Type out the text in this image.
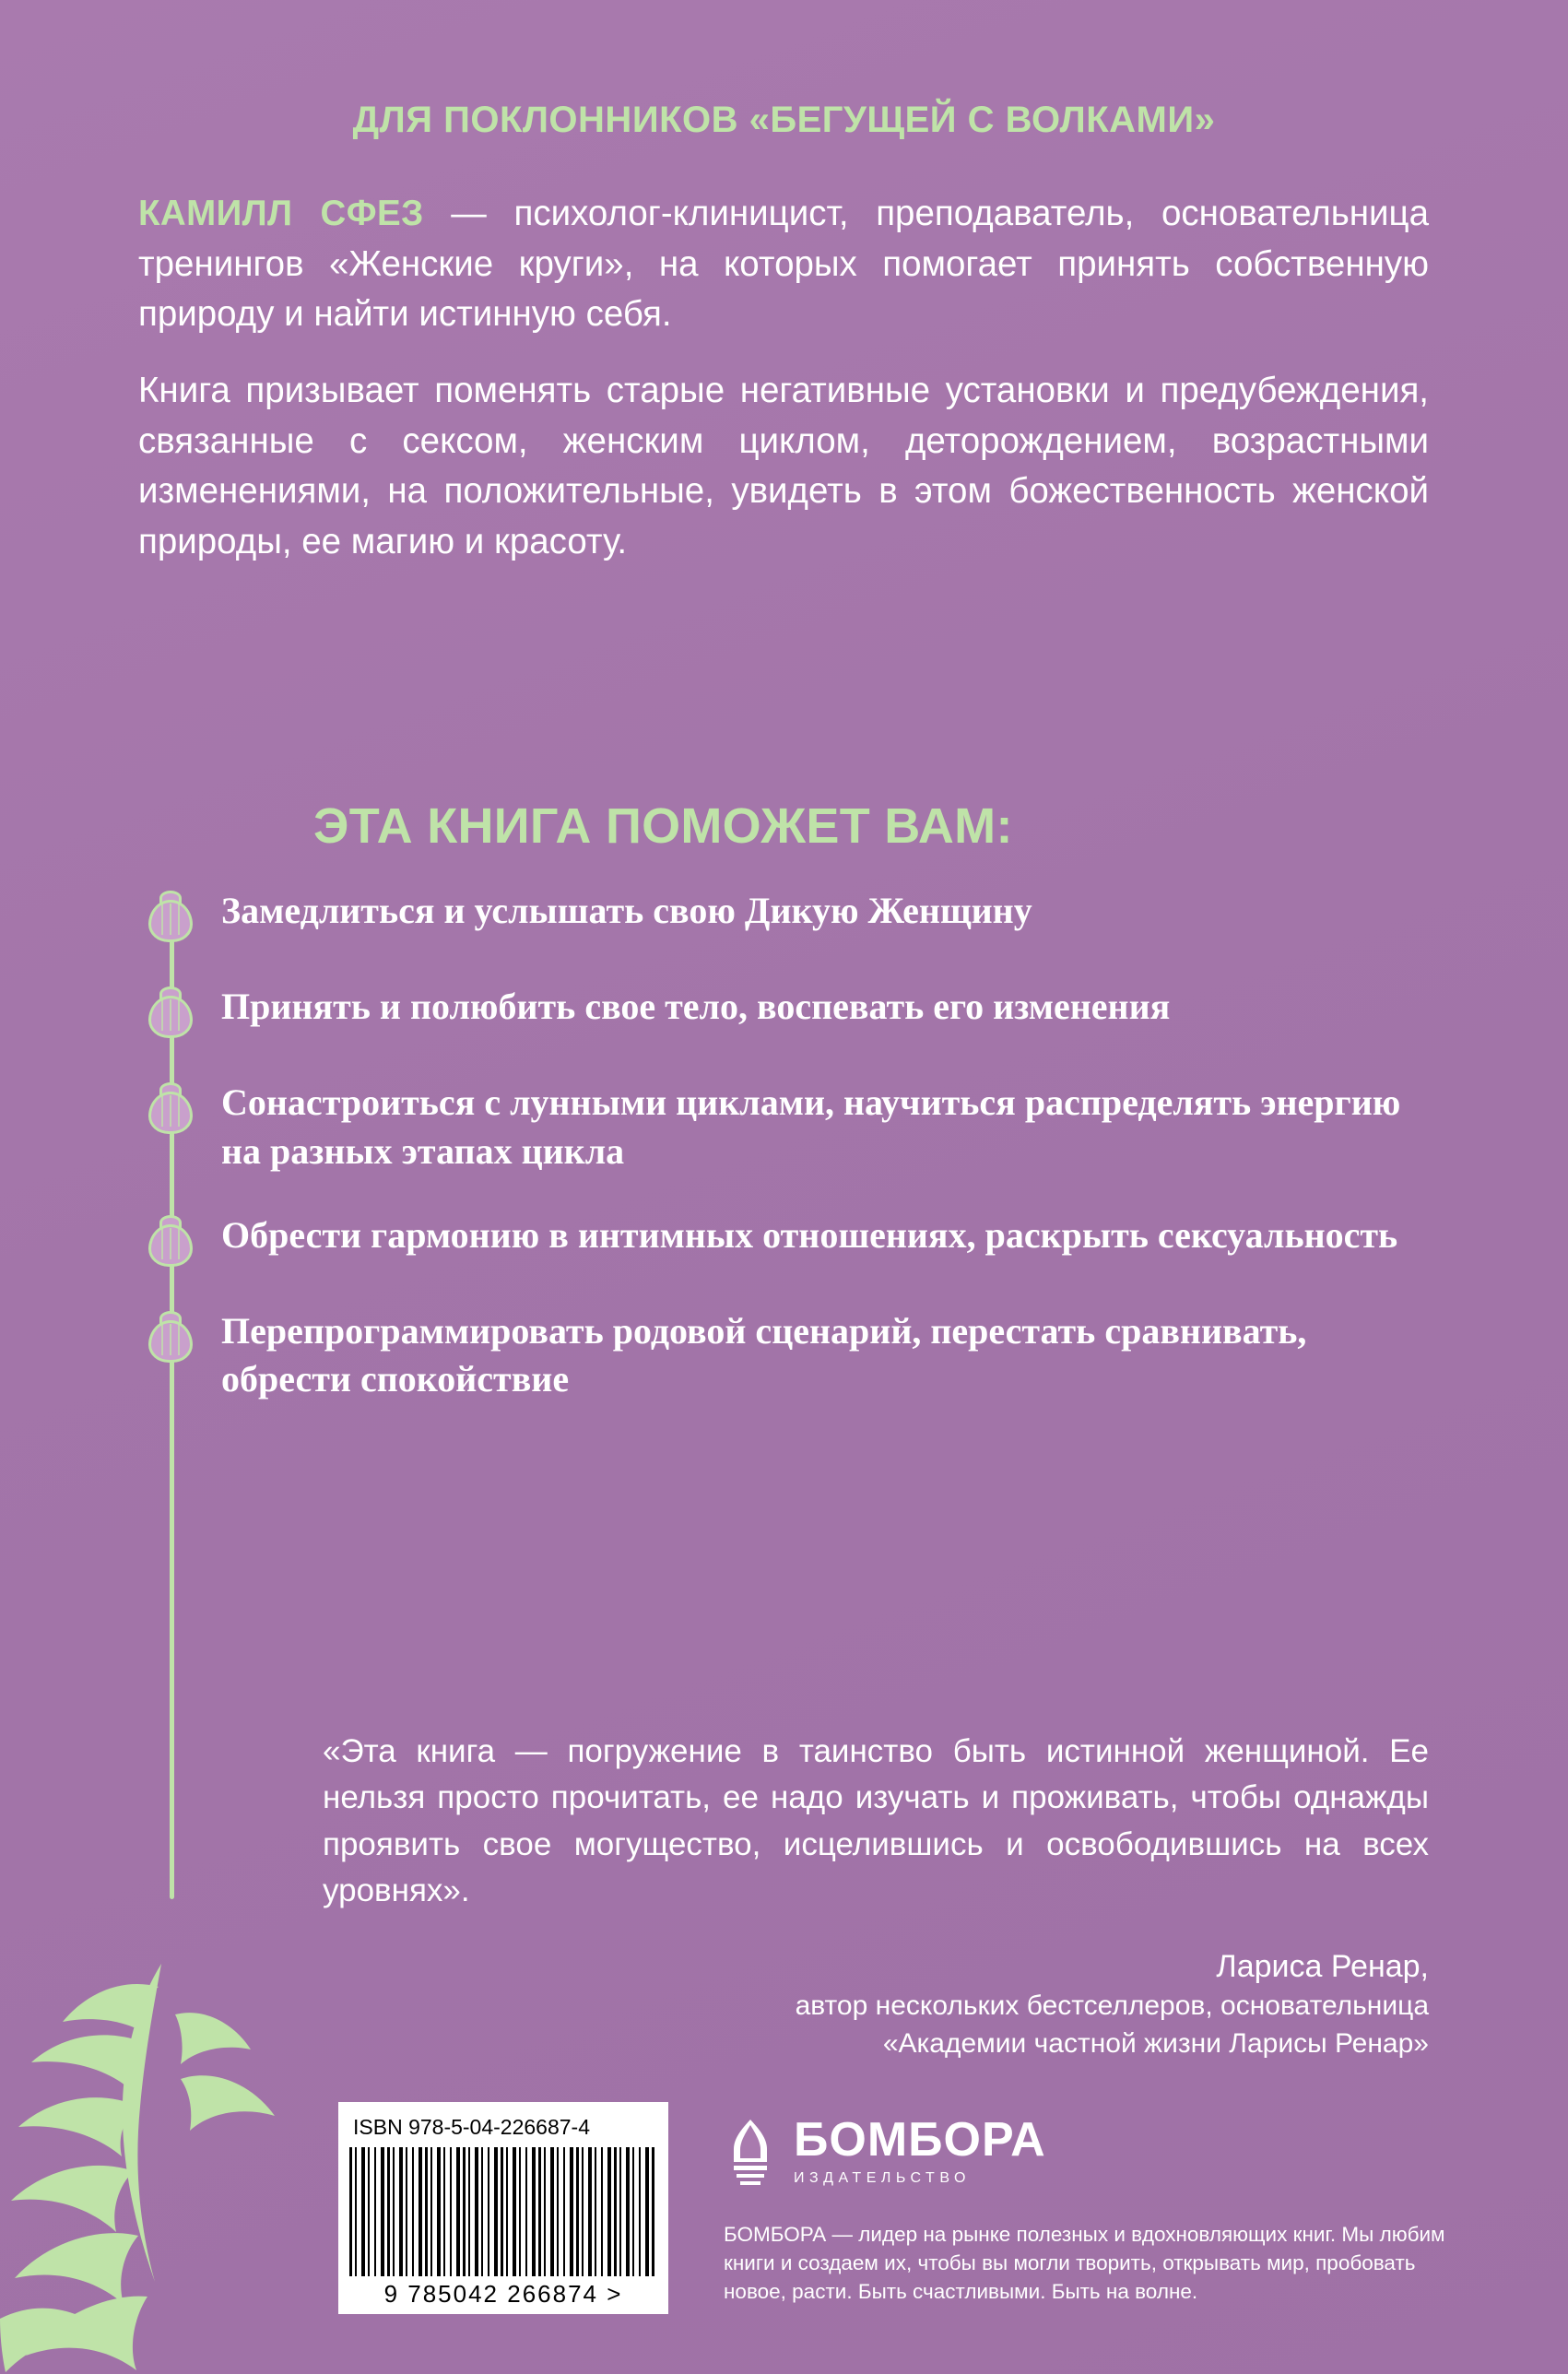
ДЛЯ ПОКЛОННИКОВ «БЕГУЩЕЙ С ВОЛКАМИ»

КАМИЛЛ СФЕЗ — психолог-клиницист, преподаватель, основательница тренингов «Женские круги», на которых помогает принять собственную природу и найти истинную себя.

Книга призывает поменять старые негативные установки и предубеждения, связанные с сексом, женским циклом, деторождением, возрастными изменениями, на положительные, увидеть в этом божественность женской природы, ее магию и красоту.

ЭТА КНИГА ПОМОЖЕТ ВАМ:
Замедлиться и услышать свою Дикую Женщину
Принять и полюбить свое тело, воспевать его изменения
Сонастроиться с лунными циклами, научиться распределять энергию на разных этапах цикла
Обрести гармонию в интимных отношениях, раскрыть сексуальность
Перепрограммировать родовой сценарий, перестать сравнивать, обрести спокойствие
«Эта книга — погружение в таинство быть истинной женщиной. Ее нельзя просто прочитать, ее надо изучать и проживать, чтобы однажды проявить свое могущество, исцелившись и освободившись на всех уровнях».
Лариса Ренар,
автор нескольких бестселлеров, основательница
«Академии частной жизни Ларисы Ренар»
ISBN 978-5-04-226687-4
9 785042 266874 >
БОМБОРА
ИЗДАТЕЛЬСТВО
БОМБОРА — лидер на рынке полезных и вдохновляющих книг. Мы любим книги и создаем их, чтобы вы могли творить, открывать мир, пробовать новое, расти. Быть счастливыми. Быть на волне.
